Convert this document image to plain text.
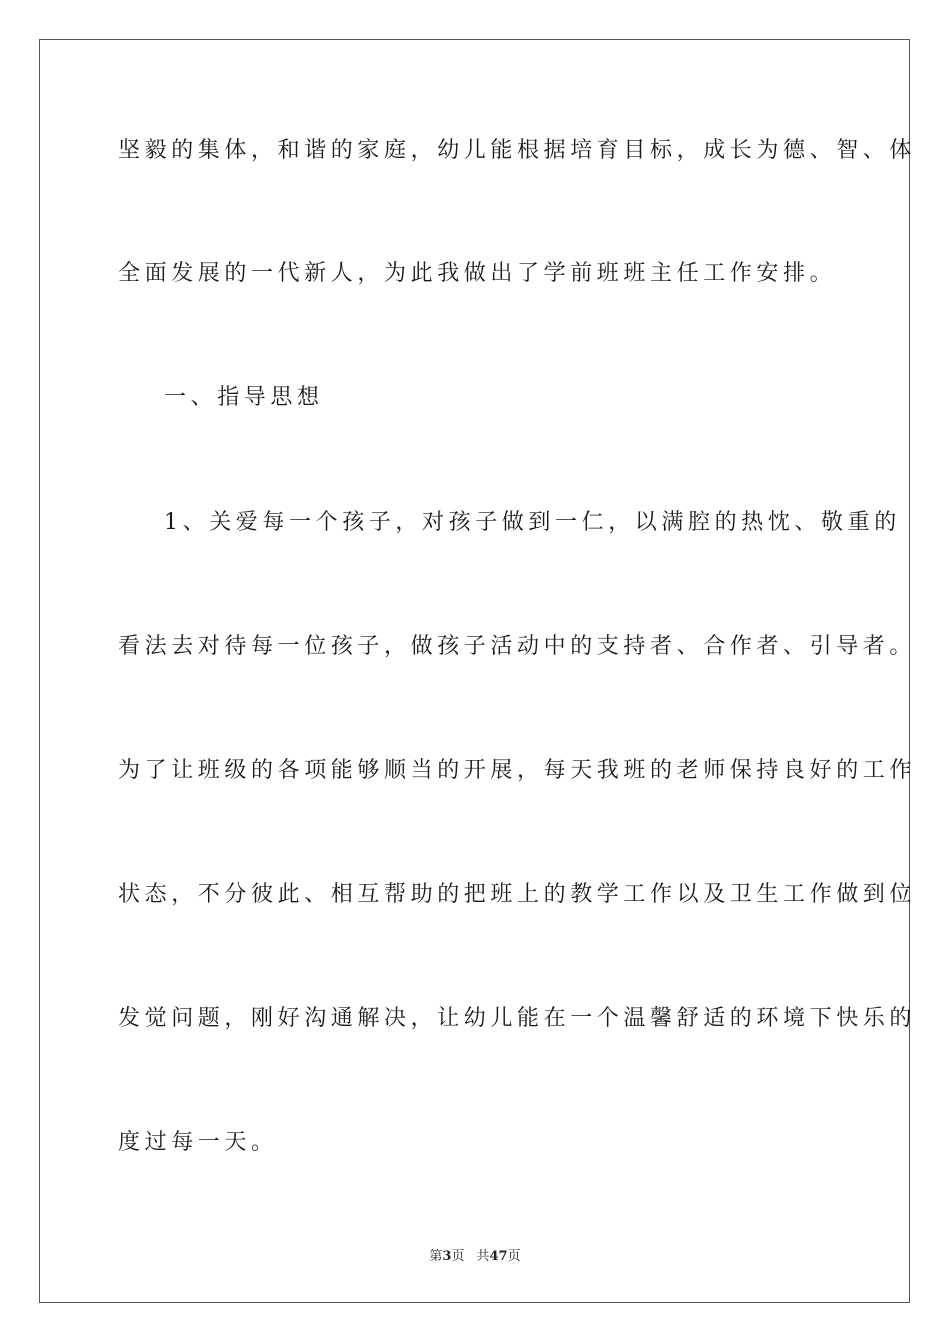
坚毅的集体，和谐的家庭，幼儿能根据培育目标，成长为德、智、体
全面发展的一代新人，为此我做出了学前班班主任工作安排。
一、指导思想
1、关爱每一个孩子，对孩子做到一仁，以满腔的热忱、敬重的
看法去对待每一位孩子，做孩子活动中的支持者、合作者、引导者。
为了让班级的各项能够顺当的开展，每天我班的老师保持良好的工作
状态，不分彼此、相互帮助的把班上的教学工作以及卫生工作做到位
发觉问题，刚好沟通解决，让幼儿能在一个温馨舒适的环境下快乐的
度过每一天。
第3页 共47页
